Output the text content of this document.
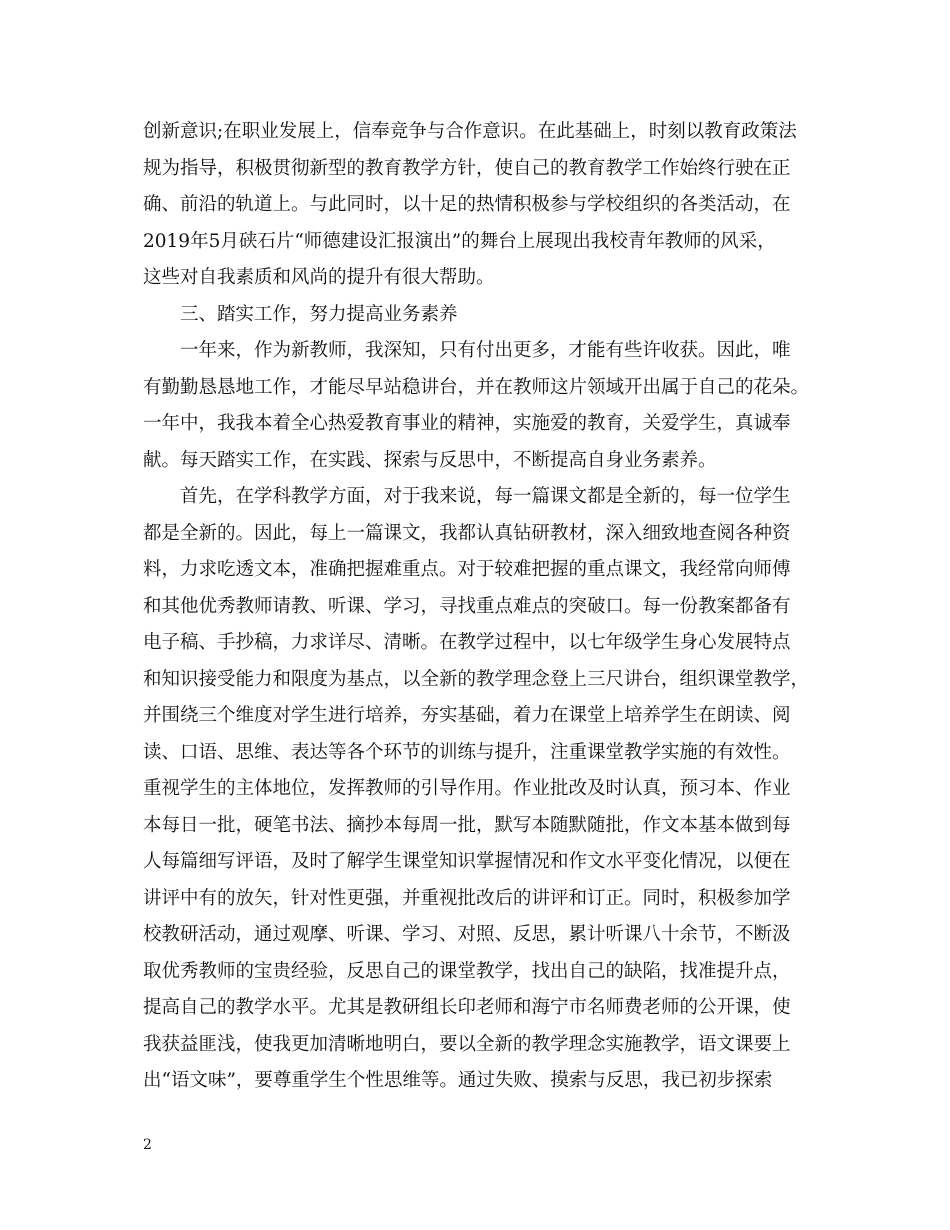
创新意识;在职业发展上，信奉竞争与合作意识。在此基础上，时刻以教育政策法
规为指导，积极贯彻新型的教育教学方针，使自己的教育教学工作始终行驶在正
确、前沿的轨道上。与此同时，以十足的热情积极参与学校组织的各类活动，在
2019年5月硖石片“师德建设汇报演出”的舞台上展现出我校青年教师的风采，
这些对自我素质和风尚的提升有很大帮助。
三、踏实工作，努力提高业务素养
一年来，作为新教师，我深知，只有付出更多，才能有些许收获。因此，唯
有勤勤恳恳地工作，才能尽早站稳讲台，并在教师这片领域开出属于自己的花朵。
一年中，我我本着全心热爱教育事业的精神，实施爱的教育，关爱学生，真诚奉
献。每天踏实工作，在实践、探索与反思中，不断提高自身业务素养。
首先，在学科教学方面，对于我来说，每一篇课文都是全新的，每一位学生
都是全新的。因此，每上一篇课文，我都认真钻研教材，深入细致地查阅各种资
料，力求吃透文本，准确把握难重点。对于较难把握的重点课文，我经常向师傅
和其他优秀教师请教、听课、学习，寻找重点难点的突破口。每一份教案都备有
电子稿、手抄稿，力求详尽、清晰。在教学过程中，以七年级学生身心发展特点
和知识接受能力和限度为基点，以全新的教学理念登上三尺讲台，组织课堂教学，
并围绕三个维度对学生进行培养，夯实基础，着力在课堂上培养学生在朗读、阅
读、口语、思维、表达等各个环节的训练与提升，注重课堂教学实施的有效性。
重视学生的主体地位，发挥教师的引导作用。作业批改及时认真，预习本、作业
本每日一批，硬笔书法、摘抄本每周一批，默写本随默随批，作文本基本做到每
人每篇细写评语，及时了解学生课堂知识掌握情况和作文水平变化情况，以便在
讲评中有的放矢，针对性更强，并重视批改后的讲评和订正。同时，积极参加学
校教研活动，通过观摩、听课、学习、对照、反思，累计听课八十余节，不断汲
取优秀教师的宝贵经验，反思自己的课堂教学，找出自己的缺陷，找准提升点，
提高自己的教学水平。尤其是教研组长印老师和海宁市名师费老师的公开课，使
我获益匪浅，使我更加清晰地明白，要以全新的教学理念实施教学，语文课要上
出“语文味”，要尊重学生个性思维等。通过失败、摸索与反思，我已初步探索
2
